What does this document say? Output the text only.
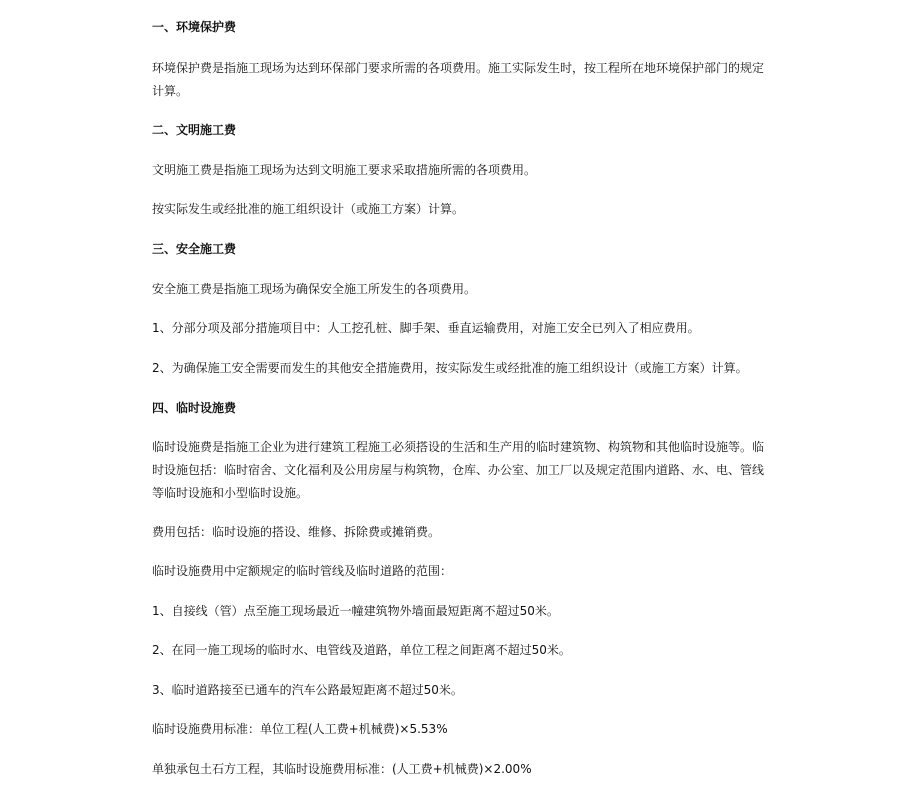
一、环境保护费
环境保护费是指施工现场为达到环保部门要求所需的各项费用。施工实际发生时，按工程所在地环境保护部门的规定
计算。
二、文明施工费
文明施工费是指施工现场为达到文明施工要求采取措施所需的各项费用。
按实际发生或经批准的施工组织设计（或施工方案）计算。
三、安全施工费
安全施工费是指施工现场为确保安全施工所发生的各项费用。
1、分部分项及部分措施项目中：人工挖孔桩、脚手架、垂直运输费用，对施工安全已列入了相应费用。
2、为确保施工安全需要而发生的其他安全措施费用，按实际发生或经批准的施工组织设计（或施工方案）计算。
四、临时设施费
临时设施费是指施工企业为进行建筑工程施工必须搭设的生活和生产用的临时建筑物、构筑物和其他临时设施等。临
时设施包括：临时宿舍、文化福利及公用房屋与构筑物，仓库、办公室、加工厂以及规定范围内道路、水、电、管线
等临时设施和小型临时设施。
费用包括：临时设施的搭设、维修、拆除费或摊销费。
临时设施费用中定额规定的临时管线及临时道路的范围：
1、自接线（管）点至施工现场最近一幢建筑物外墙面最短距离不超过50米。
2、在同一施工现场的临时水、电管线及道路，单位工程之间距离不超过50米。
3、临时道路接至已通车的汽车公路最短距离不超过50米。
临时设施费用标准：单位工程(人工费+机械费)×5.53%
单独承包土石方工程，其临时设施费用标准：(人工费+机械费)×2.00%
